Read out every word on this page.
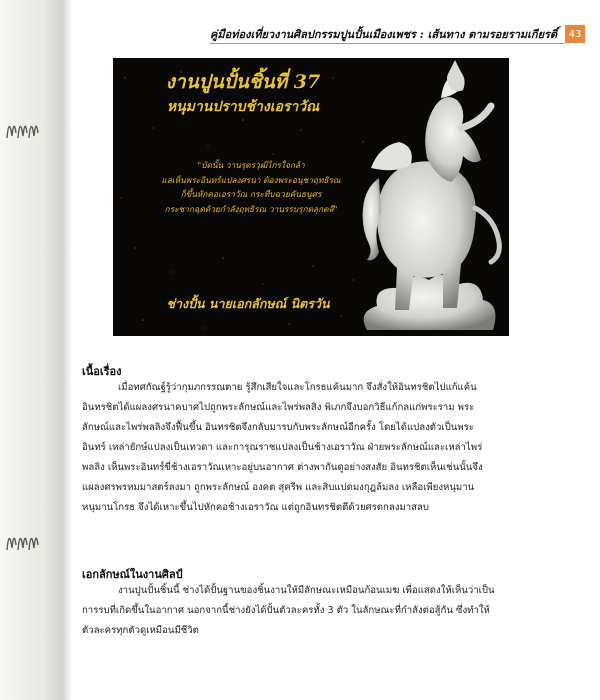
คู่มือท่องเที่ยวงานศิลปกรรมปูนปั้นเมืองเพชร : เส้นทาง ตามรอยรามเกียรติ์	43
งานปูนปั้นชิ้นที่ 37
หนุมานปราบช้างเอราวัณ
"บัดนั้น วานรุตรวุฒิไกรใจกล้า
แลเห็นพระอินทร์แปลงศรนา ต้องพระอนุชาฤทธิรณ
ก็ขึ้นหักคอเอราวัณ กระทืบฉวยคันธนูศร
กระชากฉุดด้วยกำลังฤทธิรณ วานรรบรุกตลุกตลี"
ช่างปั้น นายเอกลักษณ์ นิตรวัน
เนื้อเรื่อง
เมื่อทศกัณฐ์รู้ว่ากุมภกรรณตาย รู้สึกเสียใจและโกรธแค้นมาก จึงสั่งให้อินทรชิตไปแก้แค้น
อินทรชิตได้แผลงศรนาคบาศไปถูกพระลักษณ์และไพร่พลสิง พิเภกจึงบอกวิธีแก้กลแก่พระราม พระ
ลักษณ์และไพร่พลลิงจึงฟื้นขึ้น อินทรชิตจึงกลับมารบกับพระลักษณ์อีกครั้ง โดยได้แปลงตัวเป็นพระ
อินทร์ เหล่ายักษ์แปลงเป็นเทวดา และการุณราชแปลงเป็นช้างเอราวัณ ฝ่ายพระลักษณ์และเหล่าไพร่
พลลิง เห็นพระอินทร์ขี่ช้างเอราวัณเหาะอยู่บนอากาศ ต่างพากันดูอย่างสงสัย อินทรชิตเห็นเช่นนั้นจึง
แผลงศรพรหมมาสตร์ลงมา ถูกพระลักษณ์ องคต สุครีพ และสิบแปดมงกุฎล้มลง เหลือเพียงหนุมาน
หนุมานโกรธ จึงได้เหาะขึ้นไปหักคอช้างเอราวัณ แต่ถูกอินทรชิตตีด้วยศรตกลงมาสลบ
เอกลักษณ์ในงานศิลป์
งานปูนปั้นชิ้นนี้ ช่างได้ปั้นฐานของชิ้นงานให้มีลักษณะเหมือนก้อนเมฆ เพื่อแสดงให้เห็นว่าเป็น
การรบที่เกิดขึ้นในอากาศ นอกจากนี้ช่างยังได้ปั้นตัวละครทั้ง 3 ตัว ในลักษณะที่กำลังต่อสู้กัน ซึ่งทำให้
ตัวละครทุกตัวดูเหมือนมีชีวิต
